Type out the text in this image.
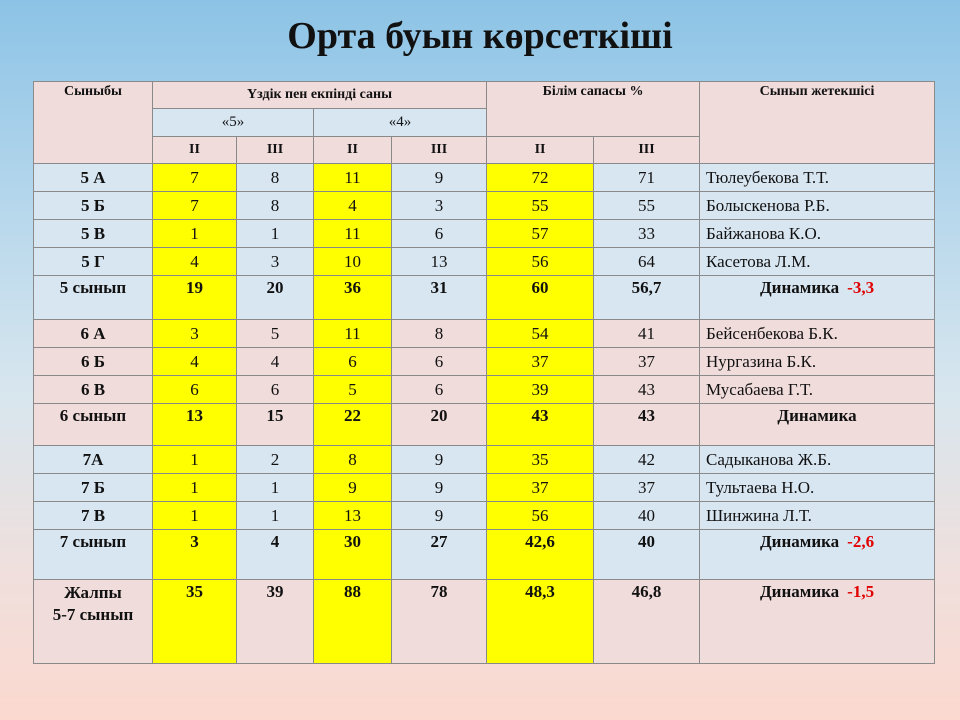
Орта буын көрсеткіші
Сыныбы	Үздік пен екпінді саны				Білім сапасы %		Сынып жетекшісі
	«5»		«4»				
	ІІ	ІІІ	ІІ	ІІІ	ІІ	ІІІ	
5 А	7	8	11	9	72	71	Тюлеубекова Т.Т.
5 Б	7	8	4	3	55	55	Болыскенова Р.Б.
5 В	1	1	11	6	57	33	Байжанова К.О.
5 Г	4	3	10	13	56	64	Касетова Л.М.
5 сынып	19	20	36	31	60	56,7	Динамика -3,3
6 А	3	5	11	8	54	41	Бейсенбекова Б.К.
6 Б	4	4	6	6	37	37	Нургазина Б.К.
6 В	6	6	5	6	39	43	Мусабаева Г.Т.
6 сынып	13	15	22	20	43	43	Динамика
7А	1	2	8	9	35	42	Садыканова Ж.Б.
7 Б	1	1	9	9	37	37	Тультаева Н.О.
7 В	1	1	13	9	56	40	Шинжина Л.Т.
7 сынып	3	4	30	27	42,6	40	Динамика -2,6

Жалпы
5-7 сынып	35	39	88	78	48,3	46,8	Динамика -1,5
